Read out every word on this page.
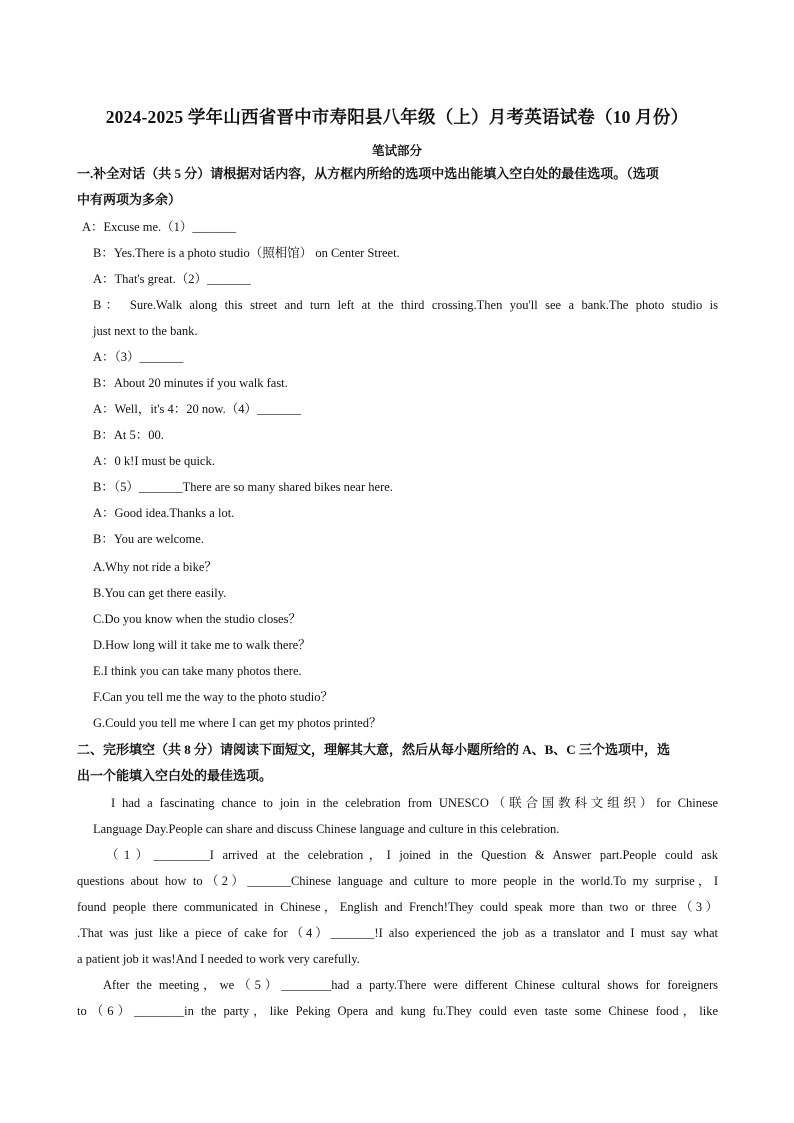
2024-2025 学年山西省晋中市寿阳县八年级（上）月考英语试卷（10 月份）
笔试部分
一.补全对话（共 5 分）请根据对话内容，从方框内所给的选项中选出能填入空白处的最佳选项。（选项
中有两项为多余）
A：Excuse me.（1）_______
B：Yes.There is a photo studio（照相馆） on Center Street.
A：That's great.（2）_______
B： Sure.Walk along this street and turn left at the third crossing.Then you'll see a bank.The photo studio is
just next to the bank.
A：（3）_______
B：About 20 minutes if you walk fast.
A：Well，it's 4：20 now.（4）_______
B：At 5：00.
A：0 k!I must be quick.
B：（5）_______There are so many shared bikes near here.
A：Good idea.Thanks a lot.
B：You are welcome.
A.Why not ride a bike？
B.You can get there easily.
C.Do you know when the studio closes？
D.How long will it take me to walk there？
E.I think you can take many photos there.
F.Can you tell me the way to the photo studio？
G.Could you tell me where I can get my photos printed？
二、完形填空（共 8 分）请阅读下面短文，理解其大意，然后从每小题所给的 A、B、C 三个选项中，选
出一个能填入空白处的最佳选项。
I had a fascinating chance to join in the celebration from UNESCO（联合国教科文组织）for Chinese
Language Day.People can share and discuss Chinese language and culture in this celebration.
（1）_________I arrived at the celebration，I joined in the Question & Answer part.People could ask
questions about how to（2）_______Chinese language and culture to more people in the world.To my surprise，I
found people there communicated in Chinese，English and French!They could speak more than two or three（3）
.That was just like a piece of cake for（4）_______!I also experienced the job as a translator and I must say what
a patient job it was!And I needed to work very carefully.
After the meeting，we（5）________had a party.There were different Chinese cultural shows for foreigners
to（6）________in the party，like Peking Opera and kung fu.They could even taste some Chinese food，like
